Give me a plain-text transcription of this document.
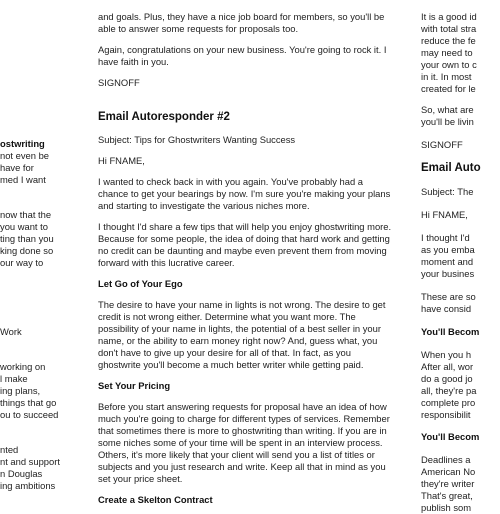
ostwriting

not even be

have for

med I want

now that the

you want to

ting than you

king done so

our way to

Work

working on

l make

ing plans,

things that go

ou to succeed

nted

nt and support

n Douglas

ing ambitions

and goals. Plus, they have a nice job board for members, so you'll be able to answer some requests for proposals too.

Again, congratulations on your new business. You're going to rock it. I have faith in you.

SIGNOFF

Email Autoresponder #2

Subject: Tips for Ghostwriters Wanting Success

Hi FNAME,

I wanted to check back in with you again. You've probably had a chance to get your bearings by now. I'm sure you're making your plans and starting to investigate the various niches more.

I thought I'd share a few tips that will help you enjoy ghostwriting more. Because for some people, the idea of doing that hard work and getting no credit can be daunting and maybe even prevent them from moving forward with this lucrative career.

Let Go of Your Ego

The desire to have your name in lights is not wrong. The desire to get credit is not wrong either. Determine what you want more. The possibility of your name in lights, the potential of a best seller in your name, or the ability to earn money right now? And, guess what, you don't have to give up your desire for all of that. In fact, as you ghostwrite you'll become a much better writer while getting paid.

Set Your Pricing

Before you start answering requests for proposal have an idea of how much you're going to charge for different types of services. Remember that sometimes there is more to ghostwriting than writing. If you are in some niches some of your time will be spent in an interview process. Others, it's more likely that your client will send you a list of titles or subjects and you just research and write. Keep all that in mind as you set your price sheet.

Create a Skelton Contract

It is a good id

with total stra

reduce the fe

may need to

your own to c

in it. In most

created for le

So, what are

you'll be livin

SIGNOFF

Email Auto

Subject: The

Hi FNAME,

I thought I'd

as you emba

moment and

your busines

These are so

have consid

You'll Becom

When you h

After all, wor

do a good jo

all, they're pa

complete pro

responsibilit

You'll Becom

Deadlines a

American No

they're writer

That's great,

publish som
